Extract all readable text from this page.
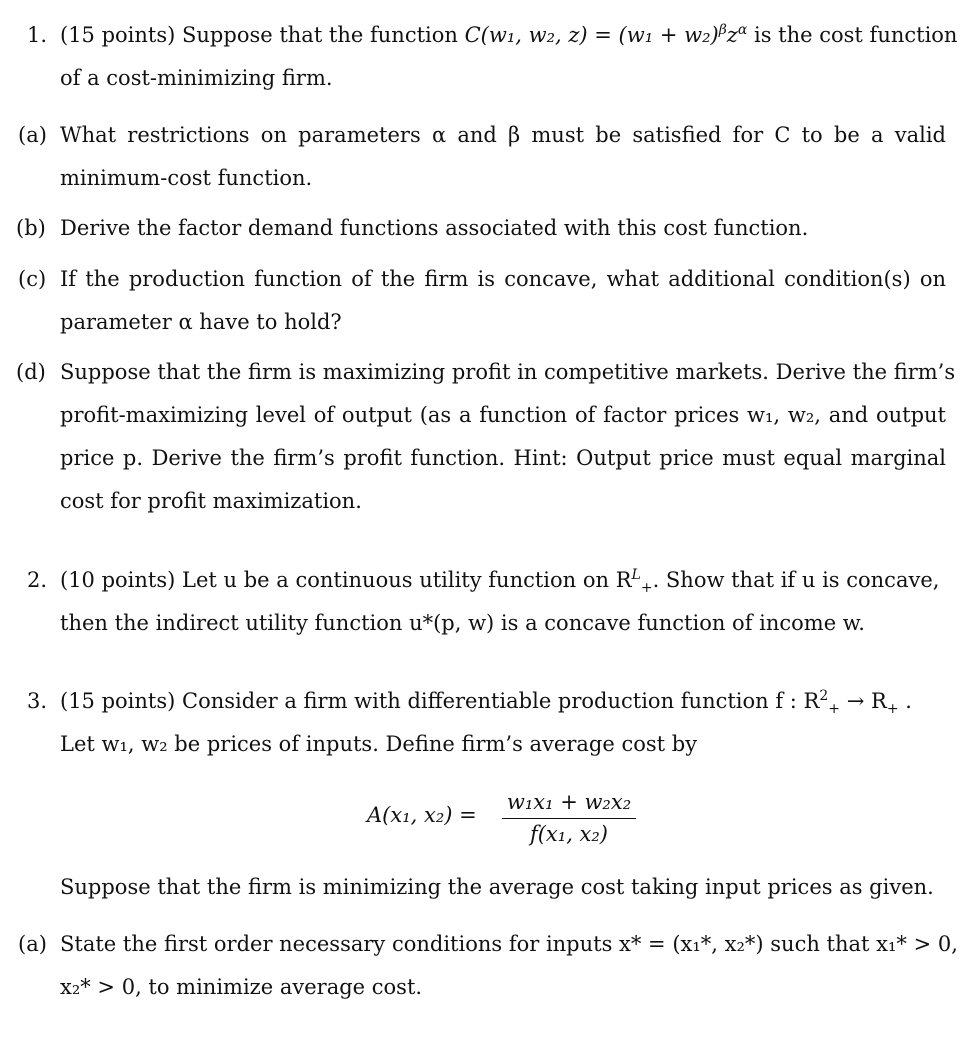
1. (15 points) Suppose that the function C(w₁, w₂, $z) = (w_1 + w_2)^\beta z^\alpha$ is the cost function
of a cost-minimizing firm.
(a) What restrictions on parameters α and β must be satisfied for C to be a valid
minimum-cost function.
(b) Derive the factor demand functions associated with this cost function.
(c) If the production function of the firm is concave, what additional condition(s) on
parameter α have to hold?
(d) Suppose that the firm is maximizing profit in competitive markets. Derive the firm’s
profit-maximizing level of output (as a function of factor prices w₁, w₂, and output
price p. Derive the firm’s profit function. Hint: Output price must equal marginal
cost for profit maximization.
2. (10 points) Let u be a continuous utility function on $R^L_+$. Show that if u is concave,
then the indirect utility function u*(p, w) is a concave function of income w.
3. (15 points) Consider a firm with differentiable production function f : $R^2_+ \to R_+$ .
Let w₁, w₂ be prices of inputs. Define firm’s average cost by
A(x₁, x₂) =
w₁x₁ + w₂x₂
f(x₁, x₂)
Suppose that the firm is minimizing the average cost taking input prices as given.
(a) State the first order necessary conditions for inputs x* = (x₁*, x₂*) such that x₁* > 0,
x₂* > 0, to minimize average cost.
